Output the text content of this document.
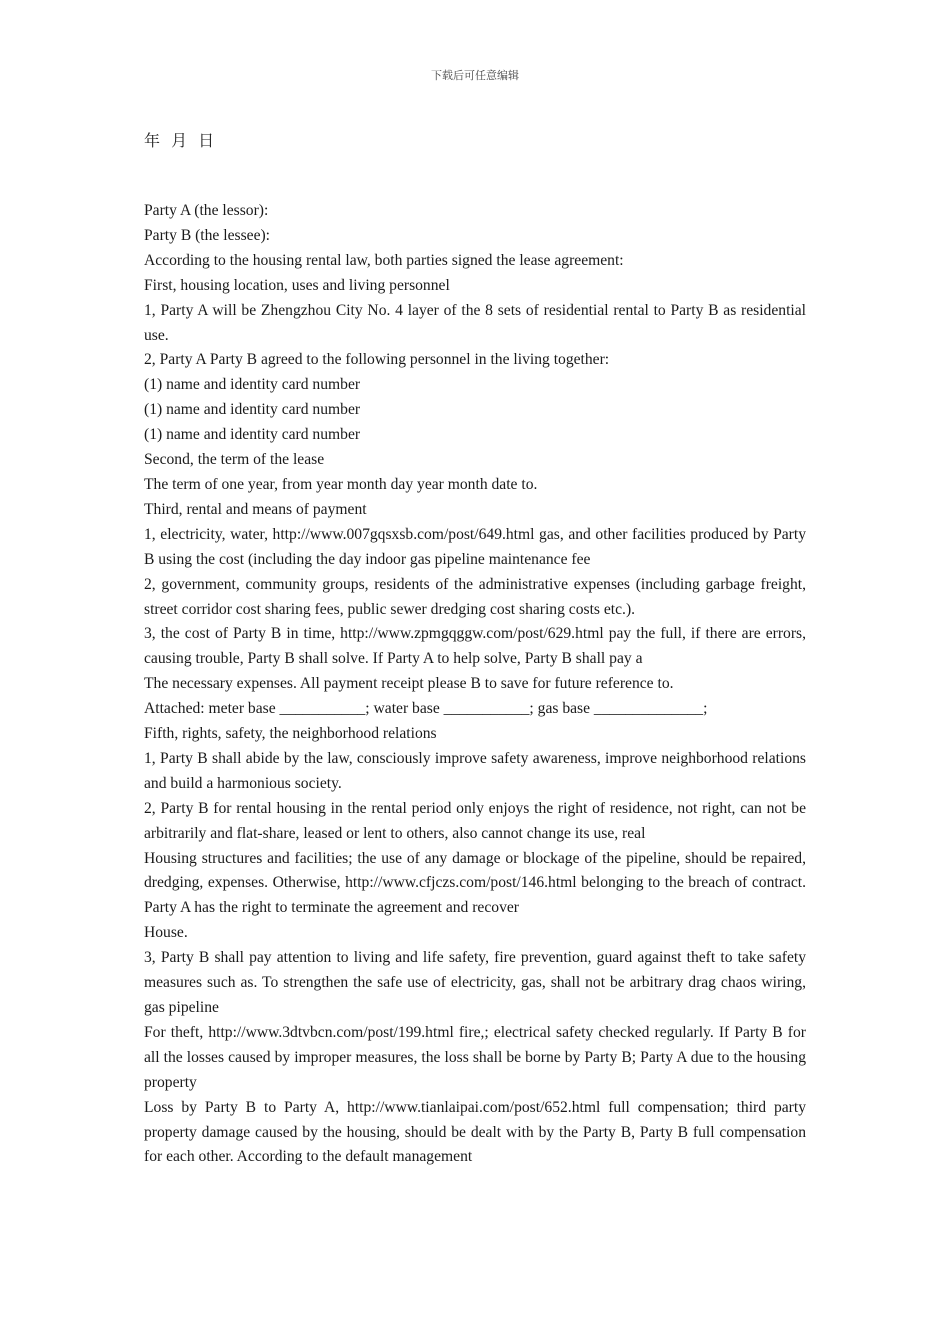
下载后可任意编辑
年 月 日

Party A (the lessor):

Party B (the lessee):

According to the housing rental law, both parties signed the lease agreement:

First, housing location, uses and living personnel

1, Party A will be Zhengzhou City No. 4 layer of the 8 sets of residential rental to Party B as residential use.

2, Party A Party B agreed to the following personnel in the living together:

(1) name and identity card number

(1) name and identity card number

(1) name and identity card number

Second, the term of the lease

The term of one year, from year month day year month date to.

Third, rental and means of payment

1, electricity, water, http://www.007gqsxsb.com/post/649.html gas, and other facilities produced by Party B using the cost (including the day indoor gas pipeline maintenance fee

2, government, community groups, residents of the administrative expenses (including garbage freight, street corridor cost sharing fees, public sewer dredging cost sharing costs etc.).

3, the cost of Party B in time, http://www.zpmgqggw.com/post/629.html pay the full, if there are errors, causing trouble, Party B shall solve. If Party A to help solve, Party B shall pay a

The necessary expenses. All payment receipt please B to save for future reference to.

Attached: meter base ___________; water base ___________; gas base ______________;

Fifth, rights, safety, the neighborhood relations

1, Party B shall abide by the law, consciously improve safety awareness, improve neighborhood relations and build a harmonious society.

2, Party B for rental housing in the rental period only enjoys the right of residence, not right, can not be arbitrarily and flat-share, leased or lent to others, also cannot change its use, real

Housing structures and facilities; the use of any damage or blockage of the pipeline, should be repaired, dredging, expenses. Otherwise, http://www.cfjczs.com/post/146.html belonging to the breach of contract. Party A has the right to terminate the agreement and recover

House.

3, Party B shall pay attention to living and life safety, fire prevention, guard against theft to take safety measures such as. To strengthen the safe use of electricity, gas, shall not be arbitrary drag chaos wiring, gas pipeline

For theft, http://www.3dtvbcn.com/post/199.html fire,; electrical safety checked regularly. If Party B for all the losses caused by improper measures, the loss shall be borne by Party B; Party A due to the housing property

Loss by Party B to Party A, http://www.tianlaipai.com/post/652.html full compensation; third party property damage caused by the housing, should be dealt with by the Party B, Party B full compensation for each other. According to the default management
